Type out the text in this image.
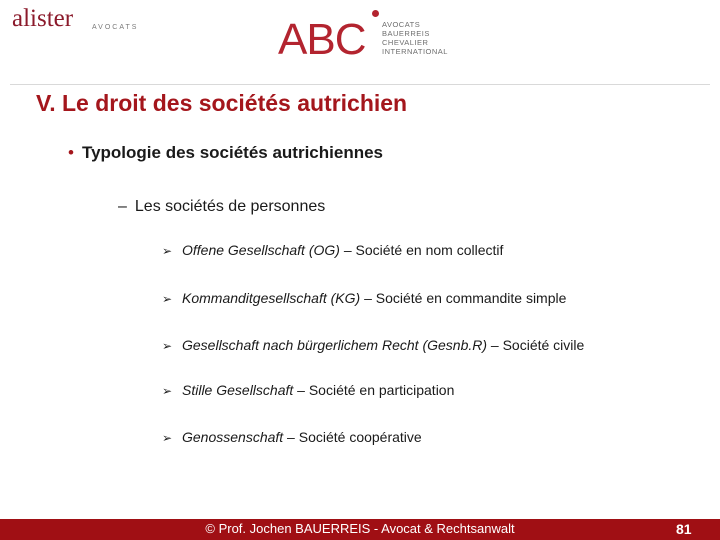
alister	AVOCATS	ABC AVOCATS
BAUERREIS
CHEVALIER
INTERNATIONAL
V. Le droit des sociétés autrichien
• Typologie des sociétés autrichiennes
– Les sociétés de personnes
➢ Offene Gesellschaft (OG) – Société en nom collectif
➢ Kommanditgesellschaft (KG) – Société en commandite simple
➢ Gesellschaft nach bürgerlichem Recht (Gesnb.R) – Société civile
➢ Stille Gesellschaft – Société en participation
➢ Genossenschaft – Société coopérative
© Prof. Jochen BAUERREIS - Avocat & Rechtsanwalt	81
